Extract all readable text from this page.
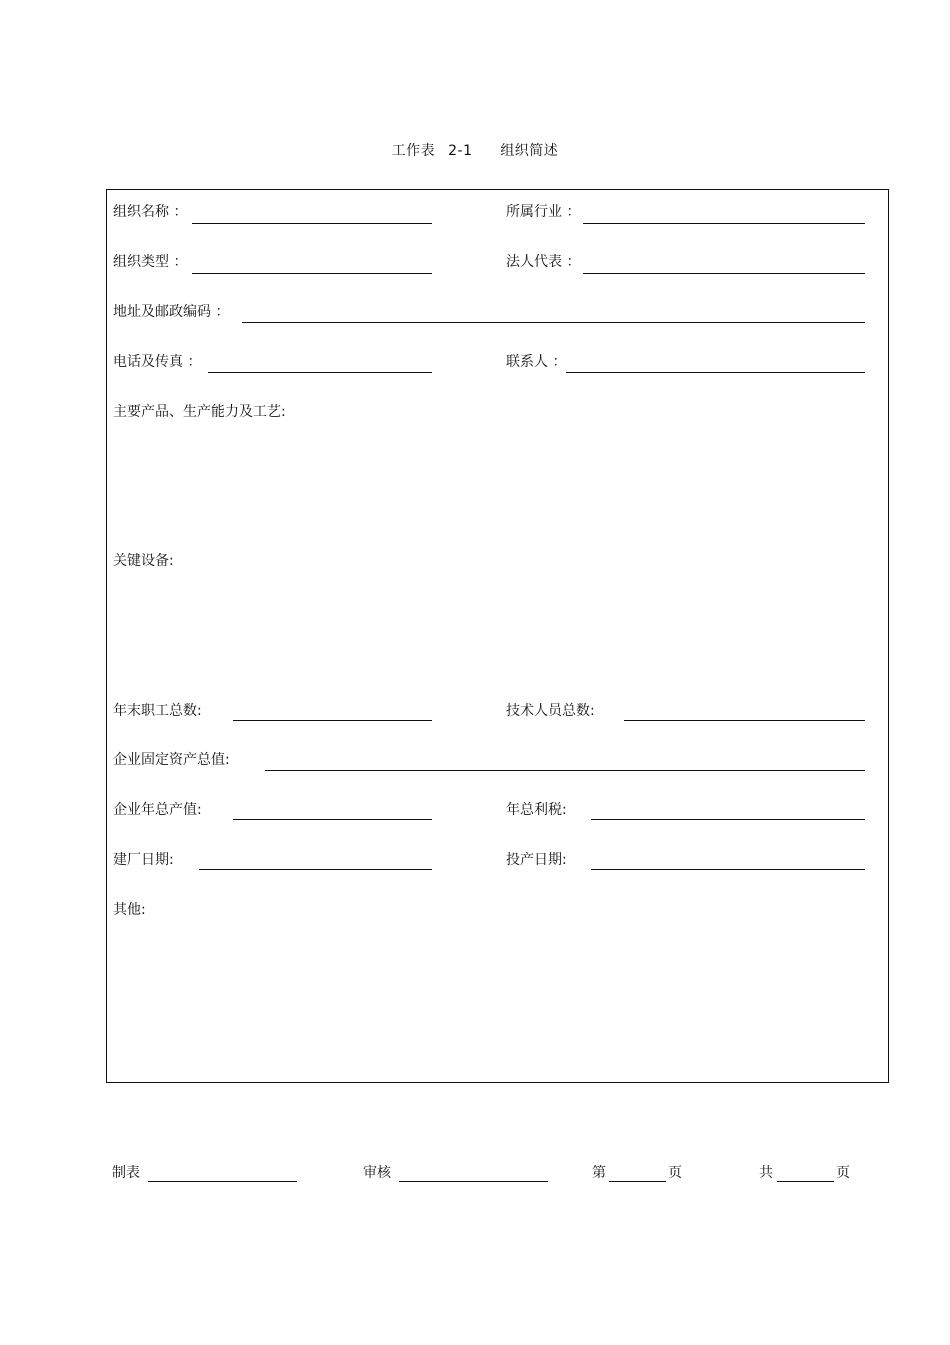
工作表 2-1 组织简述
组织名称 ：	所属行业 ：
组织类型 ：	法人代表 ：
地址及邮政编码 ：
电话及传真 ：	联系人 ：
主要产品、生产能力及工艺:
关键设备:
年末职工总数:	技术人员总数:
企业固定资产总值:
企业年总产值:	年总利税:
建厂日期:	投产日期:
其他:
制表	审核	第	页	共	页
